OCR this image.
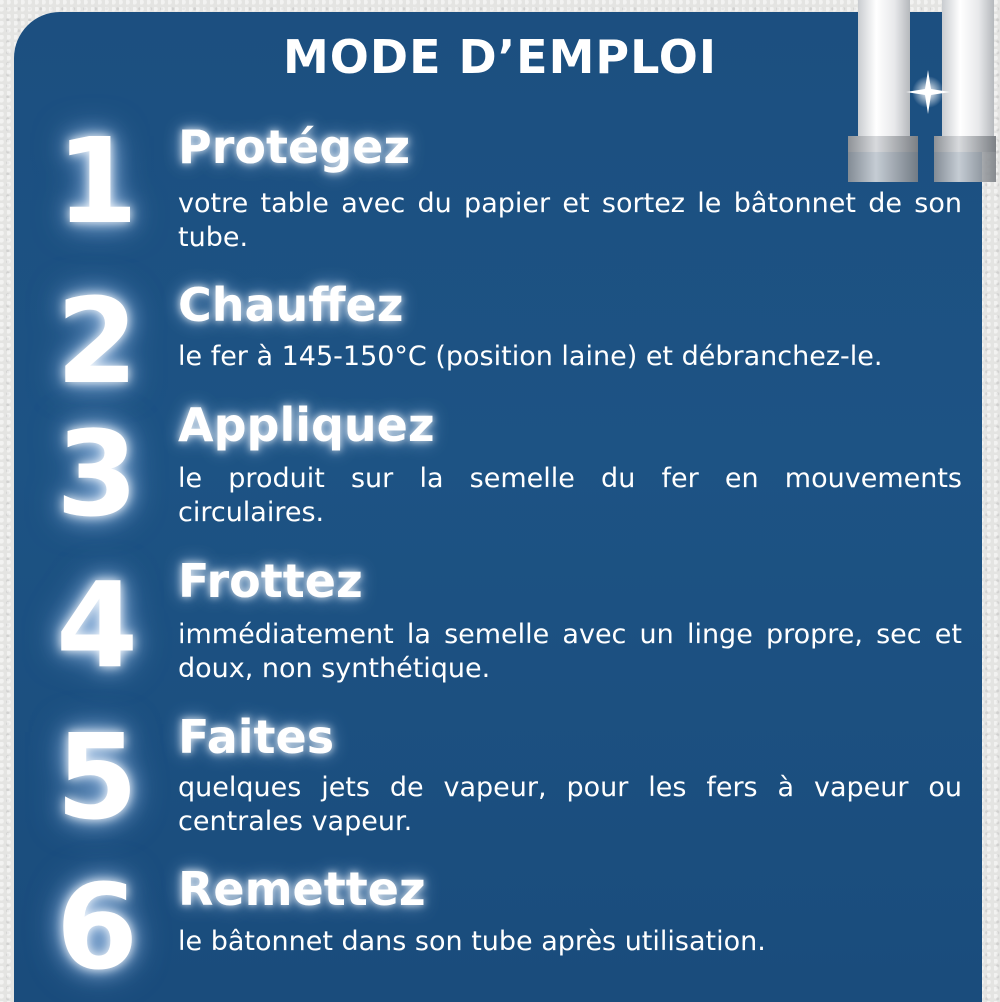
MODE D’EMPLOI
1 Protégez
votre table avec du papier et sortez le bâtonnet de son tube.
2 Chauffez
le fer à 145-150°C (position laine) et débranchez-le.
3 Appliquez
le produit sur la semelle du fer en mouvements circulaires.
4 Frottez
immédiatement la semelle avec un linge propre, sec et doux, non synthétique.
5 Faites
quelques jets de vapeur, pour les fers à vapeur ou centrales vapeur.
6 Remettez
le bâtonnet dans son tube après utilisation.
